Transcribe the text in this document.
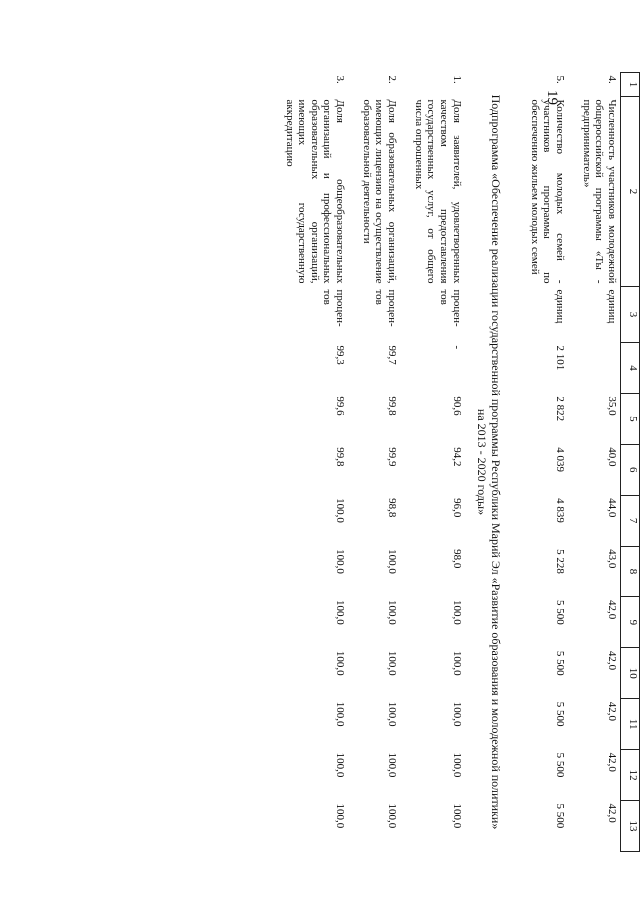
19
1	2	3	4	5	6	7	8	9	10	11	12	13
4.	Численность участников молодежной общероссийской программы «Ты - предприниматель»	единиц		35,0	40,0	44,0	43,0	42,0	42,0	42,0	42,0	42,0

5.	Количество молодых семей - участников программы по обеспечению жильем молодых семей	единиц	2 101	2 822	4 039	4 839	5 228	5 500	5 500	5 500	5 500	5 500

Подпрограмма «Обеспечение реализации государственной программы Республики Марий Эл «Развитие образования и молодежной политики» на 2013 - 2020 годы»												
1.	Доля заявителей, удовлетворенных качеством предоставления государственных услуг, от общего числа опрошенных	процен-тов	-	90,6	94,2	96,0	98,0	100,0	100,0	100,0	100,0	100,0

2.	Доля образовательных организаций, имеющих лицензию на осуществление образовательной деятельности	процен-тов	99,7	99,8	99,9	98,8	100,0	100,0	100,0	100,0	100,0	100,0

3.	Доля общеобразовательных организаций и профессиональных образовательных организаций, имеющих государственную аккредитацию	процен-тов	99,3	99,6	99,8	100,0	100,0	100,0	100,0	100,0	100,0	100,0
